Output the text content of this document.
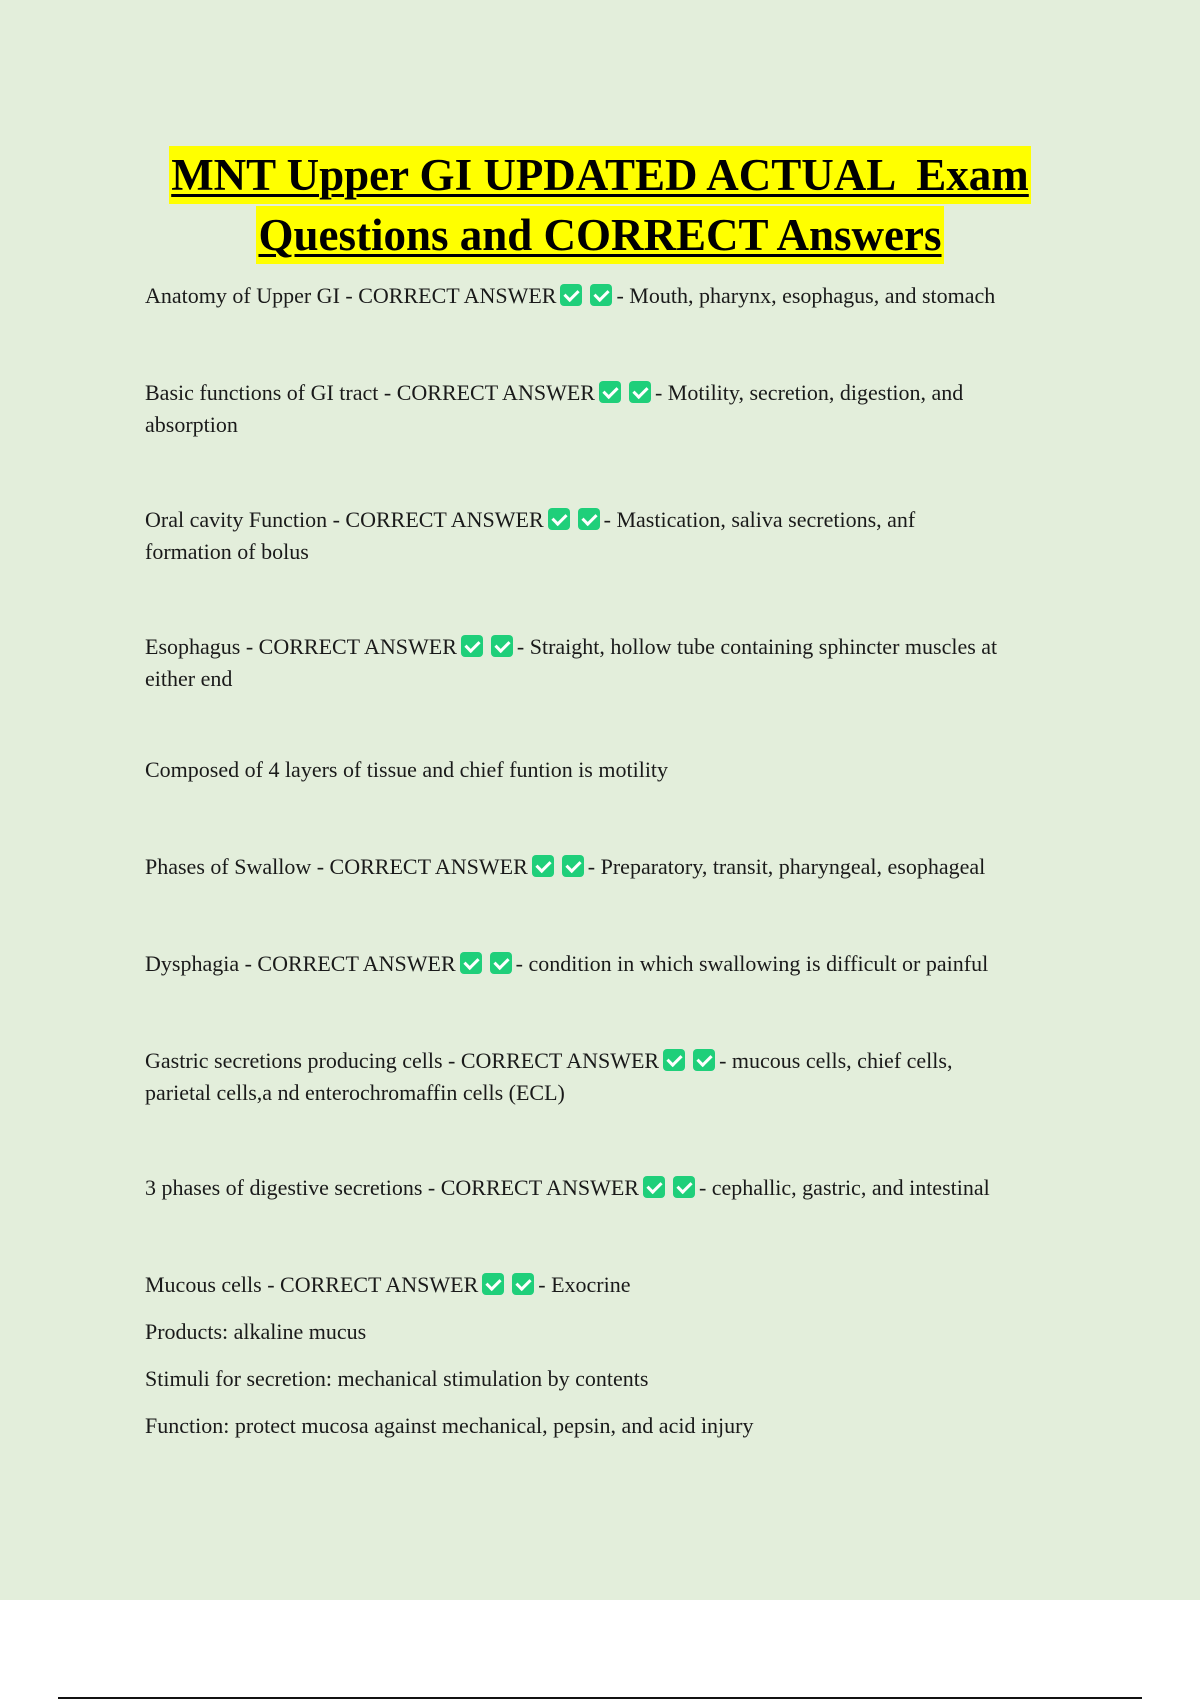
MNT Upper GI UPDATED ACTUAL  Exam
Questions and CORRECT Answers
Anatomy of Upper GI - CORRECT ANSWER	- Mouth, pharynx, esophagus, and stomach
Basic functions of GI tract - CORRECT ANSWER	- Motility, secretion, digestion, and
absorption
Oral cavity Function - CORRECT ANSWER	- Mastication, saliva secretions, anf
formation of bolus
Esophagus - CORRECT ANSWER	- Straight, hollow tube containing sphincter muscles at
either end
Composed of 4 layers of tissue and chief funtion is motility
Phases of Swallow - CORRECT ANSWER	- Preparatory, transit, pharyngeal, esophageal
Dysphagia - CORRECT ANSWER	- condition in which swallowing is difficult or painful
Gastric secretions producing cells - CORRECT ANSWER	- mucous cells, chief cells,
parietal cells,a nd enterochromaffin cells (ECL)
3 phases of digestive secretions - CORRECT ANSWER	- cephallic, gastric, and intestinal
Mucous cells - CORRECT ANSWER	- Exocrine
Products: alkaline mucus
Stimuli for secretion: mechanical stimulation by contents
Function: protect mucosa against mechanical, pepsin, and acid injury
